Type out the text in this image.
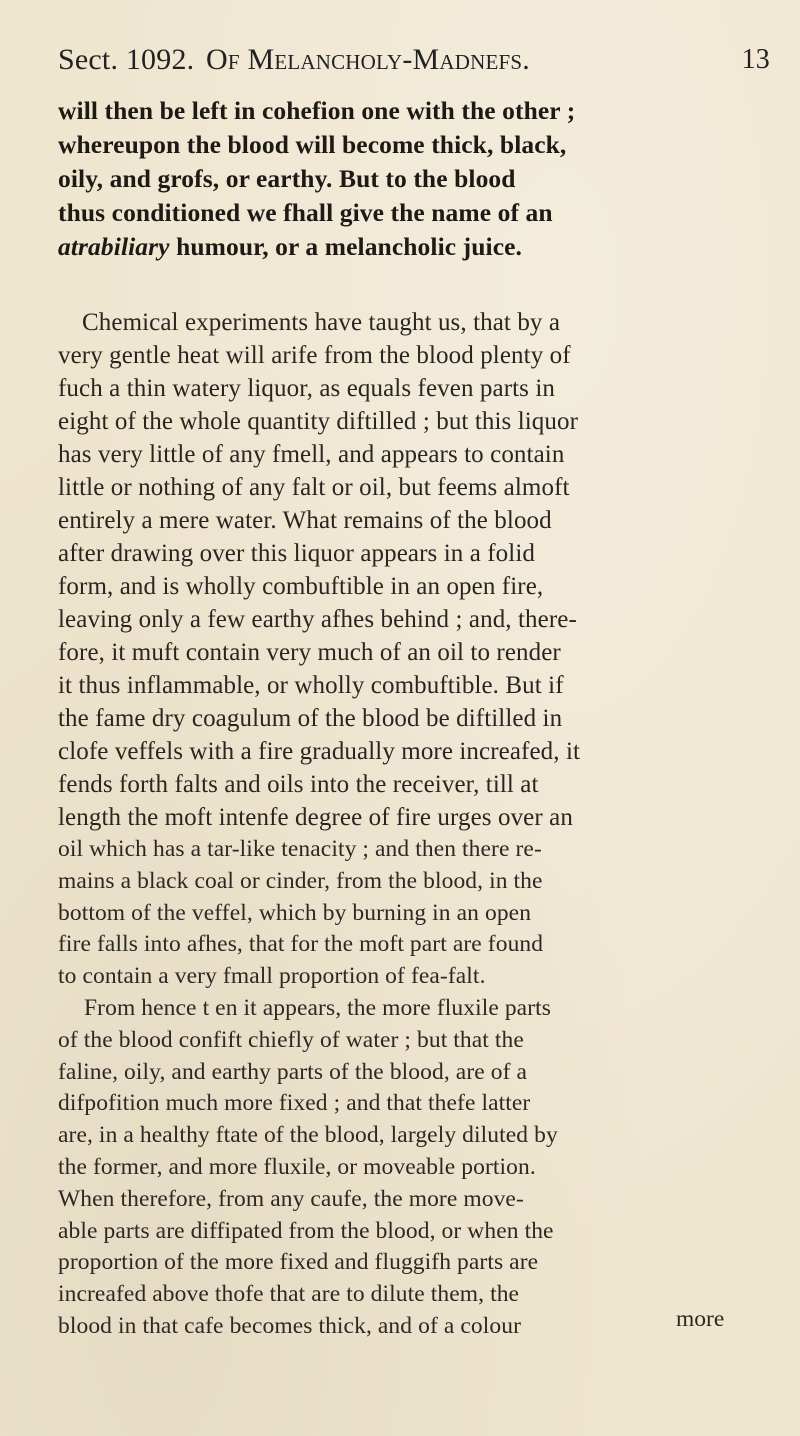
Sect. 1092. Of Melancholy-Madnefs.	13
will then be left in cohefion one with the other ;
whereupon the blood will become thick, black,
oily, and grofs, or earthy. But to the blood
thus conditioned we fhall give the name of an
atrabiliary humour, or a melancholic juice.
Chemical experiments have taught us, that by a
very gentle heat will arife from the blood plenty of
fuch a thin watery liquor, as equals feven parts in
eight of the whole quantity diftilled ; but this liquor
has very little of any fmell, and appears to contain
little or nothing of any falt or oil, but feems almoft
entirely a mere water. What remains of the blood
after drawing over this liquor appears in a folid
form, and is wholly combuftible in an open fire,
leaving only a few earthy afhes behind ; and, there-
fore, it muft contain very much of an oil to render
it thus inflammable, or wholly combuftible. But if
the fame dry coagulum of the blood be diftilled in
clofe veffels with a fire gradually more increafed, it
fends forth falts and oils into the receiver, till at
length the moft intenfe degree of fire urges over an
oil which has a tar-like tenacity ; and then there re-
mains a black coal or cinder, from the blood, in the
bottom of the veffel, which by burning in an open
fire falls into afhes, that for the moft part are found
to contain a very fmall proportion of fea-falt.
From hence t en it appears, the more fluxile parts
of the blood confift chiefly of water ; but that the
faline, oily, and earthy parts of the blood, are of a
difpofition much more fixed ; and that thefe latter
are, in a healthy ftate of the blood, largely diluted by
the former, and more fluxile, or moveable portion.
When therefore, from any caufe, the more move-
able parts are diffipated from the blood, or when the
proportion of the more fixed and fluggifh parts are
increafed above thofe that are to dilute them, the
blood in that cafe becomes thick, and of a colour	more
